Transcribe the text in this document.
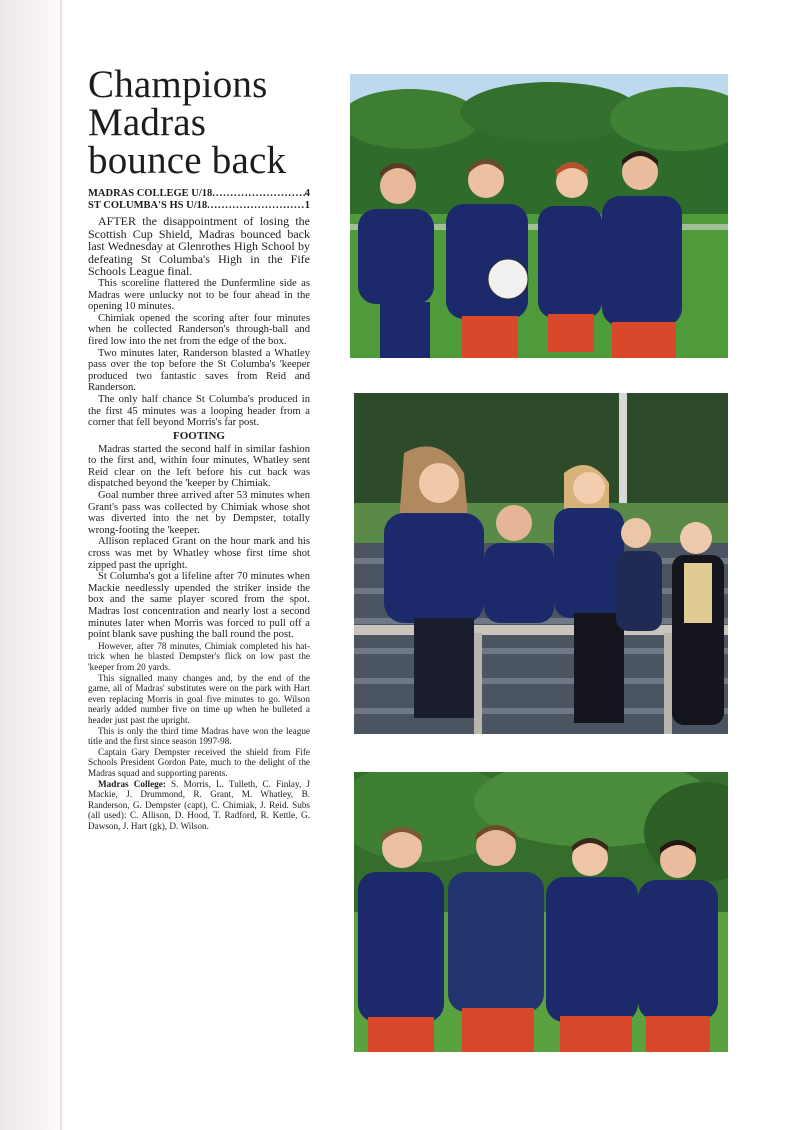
Champions
Madras
bounce back
MADRAS COLLEGE U/18 .....	4
ST COLUMBA'S HS U/18 .....	1

AFTER the disappointment of losing the Scottish Cup Shield, Madras bounced back last Wednesday at Glenrothes High School by defeating St Columba's High in the Fife Schools League final.

This scoreline flattered the Dunfermline side as Madras were unlucky not to be four ahead in the opening 10 minutes.

Chimiak opened the scoring after four minutes when he collected Randerson's through-ball and fired low into the net from the edge of the box.

Two minutes later, Randerson blasted a Whatley pass over the top before the St Columba's 'keeper produced two fantastic saves from Reid and Randerson.

The only half chance St Columba's produced in the first 45 minutes was a looping header from a corner that fell beyond Morris's far post.

FOOTING

Madras started the second half in similar fashion to the first and, within four minutes, Whatley sent Reid clear on the left before his cut back was dispatched beyond the 'keeper by Chimiak.

Goal number three arrived after 53 minutes when Grant's pass was collected by Chimiak whose shot was diverted into the net by Dempster, totally wrong-footing the 'keeper.

Allison replaced Grant on the hour mark and his cross was met by Whatley whose first time shot zipped past the upright.

St Columba's got a lifeline after 70 minutes when Mackie needlessly upended the striker inside the box and the same player scored from the spot. Madras lost concentration and nearly lost a second minutes later when Morris was forced to pull off a point blank save pushing the ball round the post.

However, after 78 minutes, Chimiak completed his hat-trick when he blasted Dempster's flick on low past the 'keeper from 20 yards.

This signalled many changes and, by the end of the game, all of Madras' substitutes were on the park with Hart even replacing Morris in goal five minutes to go. Wilson nearly added number five on time up when he bulleted a header just past the upright.

This is only the third time Madras have won the league title and the first since season 1997-98.

Captain Gary Dempster received the shield from Fife Schools President Gordon Pate, much to the delight of the Madras squad and supporting parents.

Madras College: S. Morris, L. Tulleth, C. Finlay, J Mackie, J. Drummond, R. Grant, M. Whatley, B. Randerson, G. Dempster (capt), C. Chimiak, J. Reid. Subs (all used): C. Allison, D. Hood, T. Radford, R. Kettle, G. Dawson, J. Hart (gk), D. Wilson.
